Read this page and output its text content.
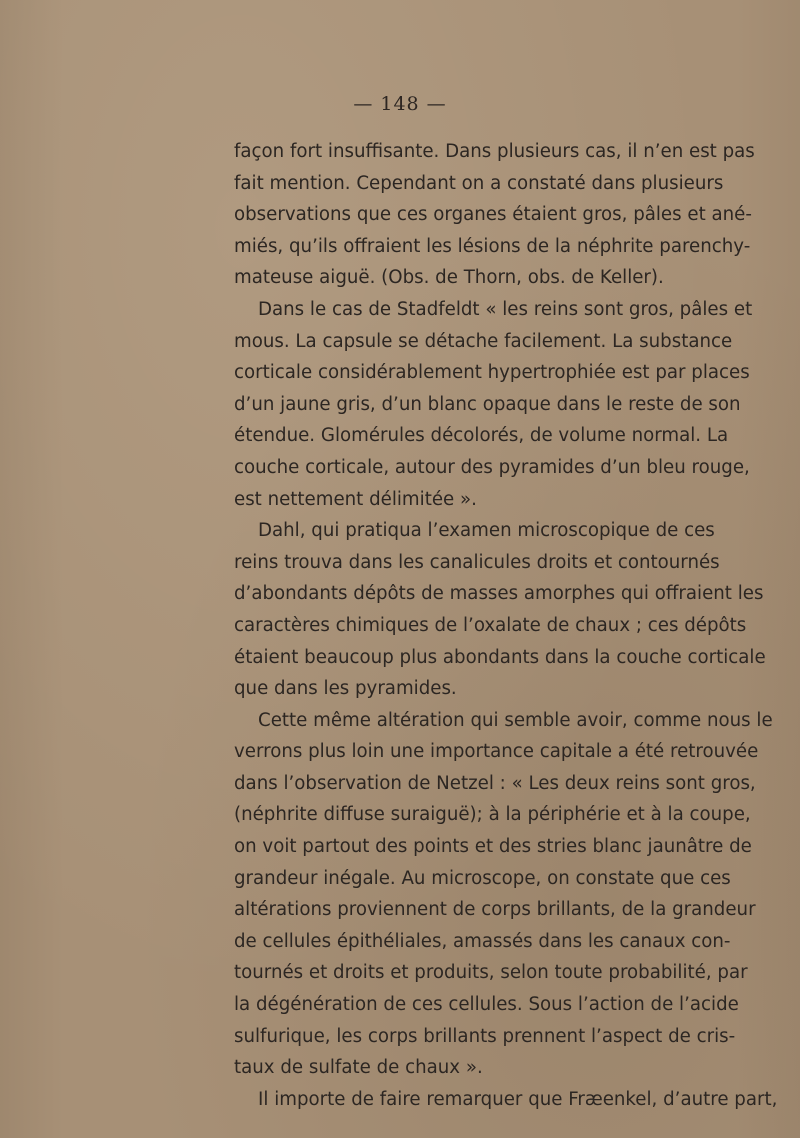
— 148 —
façon fort insuffisante. Dans plusieurs cas, il n’en est pas
fait mention. Cependant on a constaté dans plusieurs
observations que ces organes étaient gros, pâles et ané-
miés, qu’ils offraient les lésions de la néphrite parenchy-
mateuse aiguë. (Obs. de Thorn, obs. de Keller).
Dans le cas de Stadfeldt « les reins sont gros, pâles et
mous. La capsule se détache facilement. La substance
corticale considérablement hypertrophiée est par places
d’un jaune gris, d’un blanc opaque dans le reste de son
étendue. Glomérules décolorés, de volume normal. La
couche corticale, autour des pyramides d’un bleu rouge,
est nettement délimitée ».
Dahl, qui pratiqua l’examen microscopique de ces
reins trouva dans les canalicules droits et contournés
d’abondants dépôts de masses amorphes qui offraient les
caractères chimiques de l’oxalate de chaux ; ces dépôts
étaient beaucoup plus abondants dans la couche corticale
que dans les pyramides.
Cette même altération qui semble avoir, comme nous le
verrons plus loin une importance capitale a été retrouvée
dans l’observation de Netzel : « Les deux reins sont gros,
(néphrite diffuse suraiguë); à la périphérie et à la coupe,
on voit partout des points et des stries blanc jaunâtre de
grandeur inégale. Au microscope, on constate que ces
altérations proviennent de corps brillants, de la grandeur
de cellules épithéliales, amassés dans les canaux con-
tournés et droits et produits, selon toute probabilité, par
la dégénération de ces cellules. Sous l’action de l’acide
sulfurique, les corps brillants prennent l’aspect de cris-
taux de sulfate de chaux ».
Il importe de faire remarquer que Fræenkel, d’autre part,
